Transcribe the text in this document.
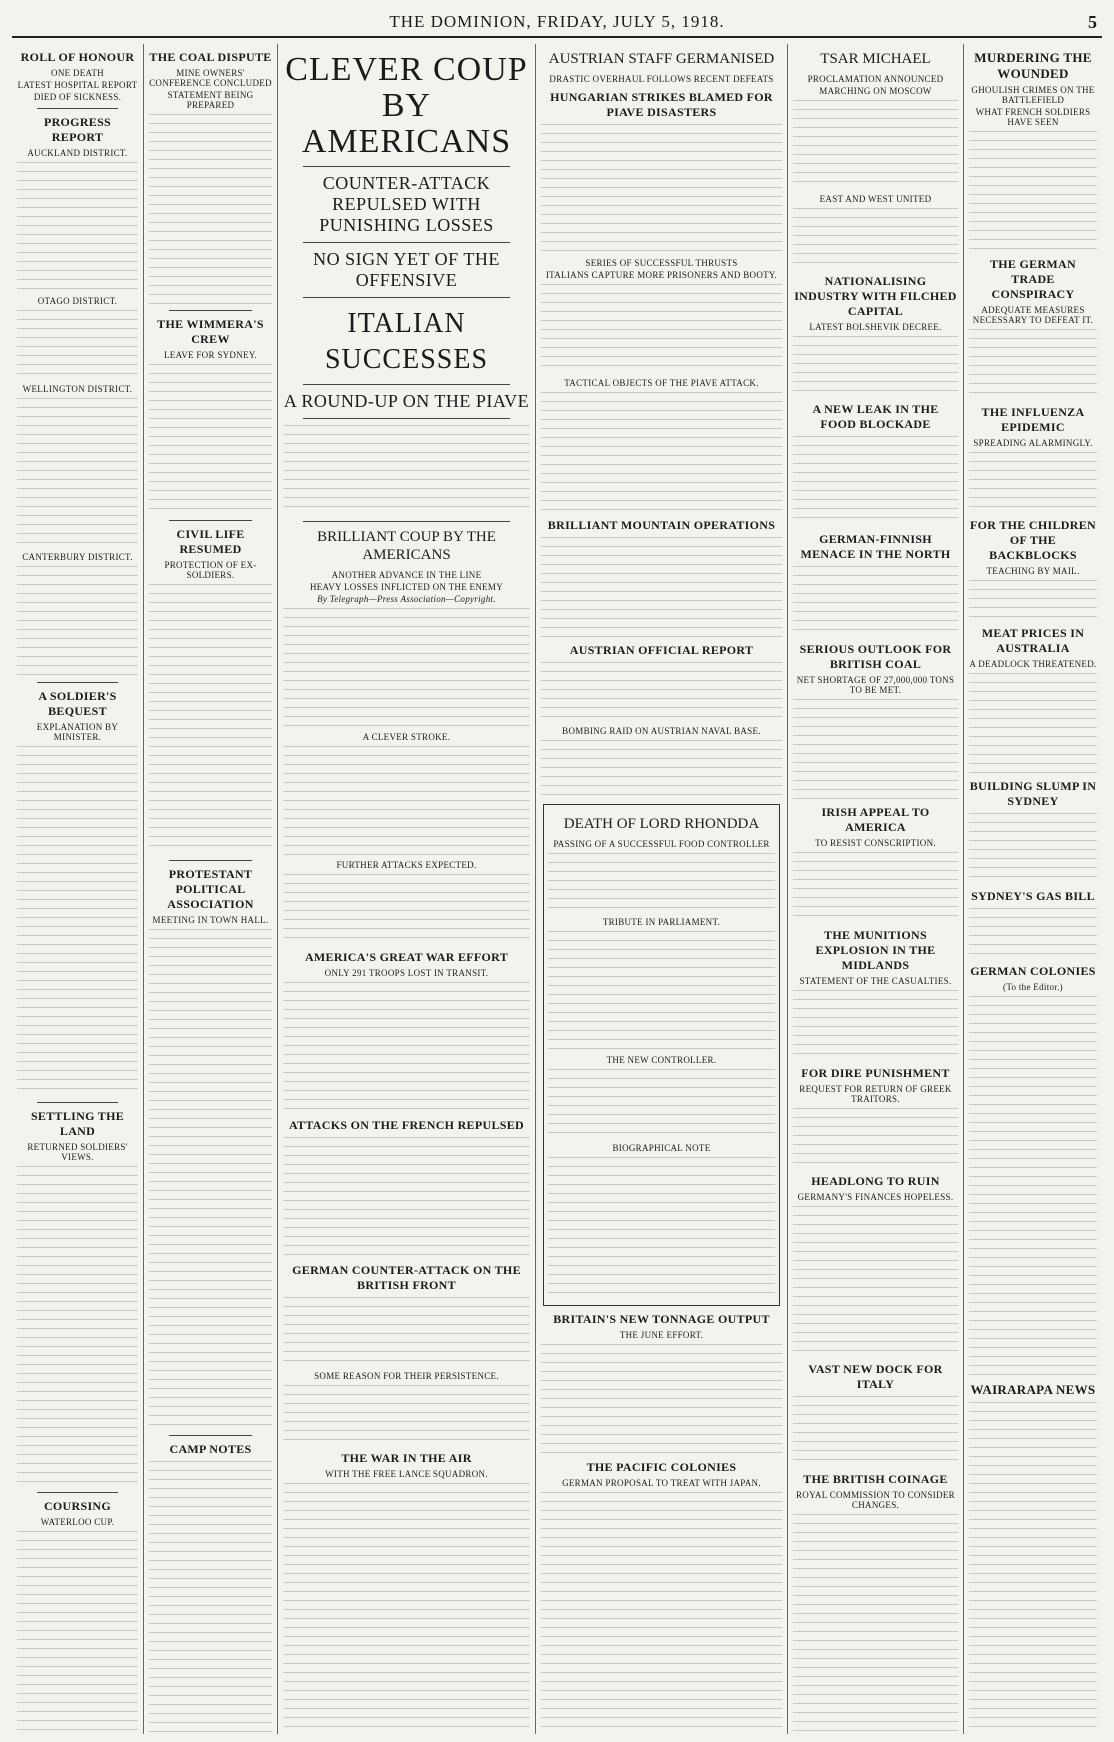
THE DOMINION, FRIDAY, JULY 5, 1918.	5
ROLL OF HONOUR
ONE DEATH
LATEST HOSPITAL REPORT
DIED OF SICKNESS.
PROGRESS REPORT
AUCKLAND DISTRICT.
OTAGO DISTRICT.
WELLINGTON DISTRICT.
CANTERBURY DISTRICT.
A SOLDIER'S BEQUEST
EXPLANATION BY MINISTER.
SETTLING THE LAND
RETURNED SOLDIERS' VIEWS.
COURSING
WATERLOO CUP.
THE COAL DISPUTE
MINE OWNERS' CONFERENCE CONCLUDED
STATEMENT BEING PREPARED
THE WIMMERA'S CREW
LEAVE FOR SYDNEY.
CIVIL LIFE RESUMED
PROTECTION OF EX-SOLDIERS.
PROTESTANT POLITICAL ASSOCIATION
MEETING IN TOWN HALL.
CAMP NOTES
CLEVER COUP BY AMERICANS
COUNTER-ATTACK REPULSED WITH PUNISHING LOSSES
NO SIGN YET OF THE OFFENSIVE
ITALIAN SUCCESSES
A ROUND-UP ON THE PIAVE
BRILLIANT COUP BY THE AMERICANS
ANOTHER ADVANCE IN THE LINE
HEAVY LOSSES INFLICTED ON THE ENEMY
By Telegraph—Press Association—Copyright.
A CLEVER STROKE.
FURTHER ATTACKS EXPECTED.
AMERICA'S GREAT WAR EFFORT
ONLY 291 TROOPS LOST IN TRANSIT.
ATTACKS ON THE FRENCH REPULSED
GERMAN COUNTER-ATTACK ON THE BRITISH FRONT
SOME REASON FOR THEIR PERSISTENCE.
THE WAR IN THE AIR
WITH THE FREE LANCE SQUADRON.
AUSTRIAN STAFF GERMANISED
DRASTIC OVERHAUL FOLLOWS RECENT DEFEATS
HUNGARIAN STRIKES BLAMED FOR PIAVE DISASTERS
SERIES OF SUCCESSFUL THRUSTS
ITALIANS CAPTURE MORE PRISONERS AND BOOTY.
TACTICAL OBJECTS OF THE PIAVE ATTACK.
BRILLIANT MOUNTAIN OPERATIONS
AUSTRIAN OFFICIAL REPORT
BOMBING RAID ON AUSTRIAN NAVAL BASE.
DEATH OF LORD RHONDDA
PASSING OF A SUCCESSFUL FOOD CONTROLLER
TRIBUTE IN PARLIAMENT.
THE NEW CONTROLLER.
BIOGRAPHICAL NOTE
BRITAIN'S NEW TONNAGE OUTPUT
THE JUNE EFFORT.
THE PACIFIC COLONIES
GERMAN PROPOSAL TO TREAT WITH JAPAN.
TSAR MICHAEL
PROCLAMATION ANNOUNCED
MARCHING ON MOSCOW
EAST AND WEST UNITED
NATIONALISING INDUSTRY WITH FILCHED CAPITAL
LATEST BOLSHEVIK DECREE.
A NEW LEAK IN THE FOOD BLOCKADE
GERMAN-FINNISH MENACE IN THE NORTH
SERIOUS OUTLOOK FOR BRITISH COAL
NET SHORTAGE OF 27,000,000 TONS TO BE MET.
IRISH APPEAL TO AMERICA
TO RESIST CONSCRIPTION.
THE MUNITIONS EXPLOSION IN THE MIDLANDS
STATEMENT OF THE CASUALTIES.
FOR DIRE PUNISHMENT
REQUEST FOR RETURN OF GREEK TRAITORS.
HEADLONG TO RUIN
GERMANY'S FINANCES HOPELESS.
VAST NEW DOCK FOR ITALY
THE BRITISH COINAGE
ROYAL COMMISSION TO CONSIDER CHANGES.
MURDERING THE WOUNDED
GHOULISH CRIMES ON THE BATTLEFIELD
WHAT FRENCH SOLDIERS HAVE SEEN
THE GERMAN TRADE CONSPIRACY
ADEQUATE MEASURES NECESSARY TO DEFEAT IT.
THE INFLUENZA EPIDEMIC
SPREADING ALARMINGLY.
FOR THE CHILDREN OF THE BACKBLOCKS
TEACHING BY MAIL.
MEAT PRICES IN AUSTRALIA
A DEADLOCK THREATENED.
BUILDING SLUMP IN SYDNEY
SYDNEY'S GAS BILL
GERMAN COLONIES
(To the Editor.)
WAIRARAPA NEWS
